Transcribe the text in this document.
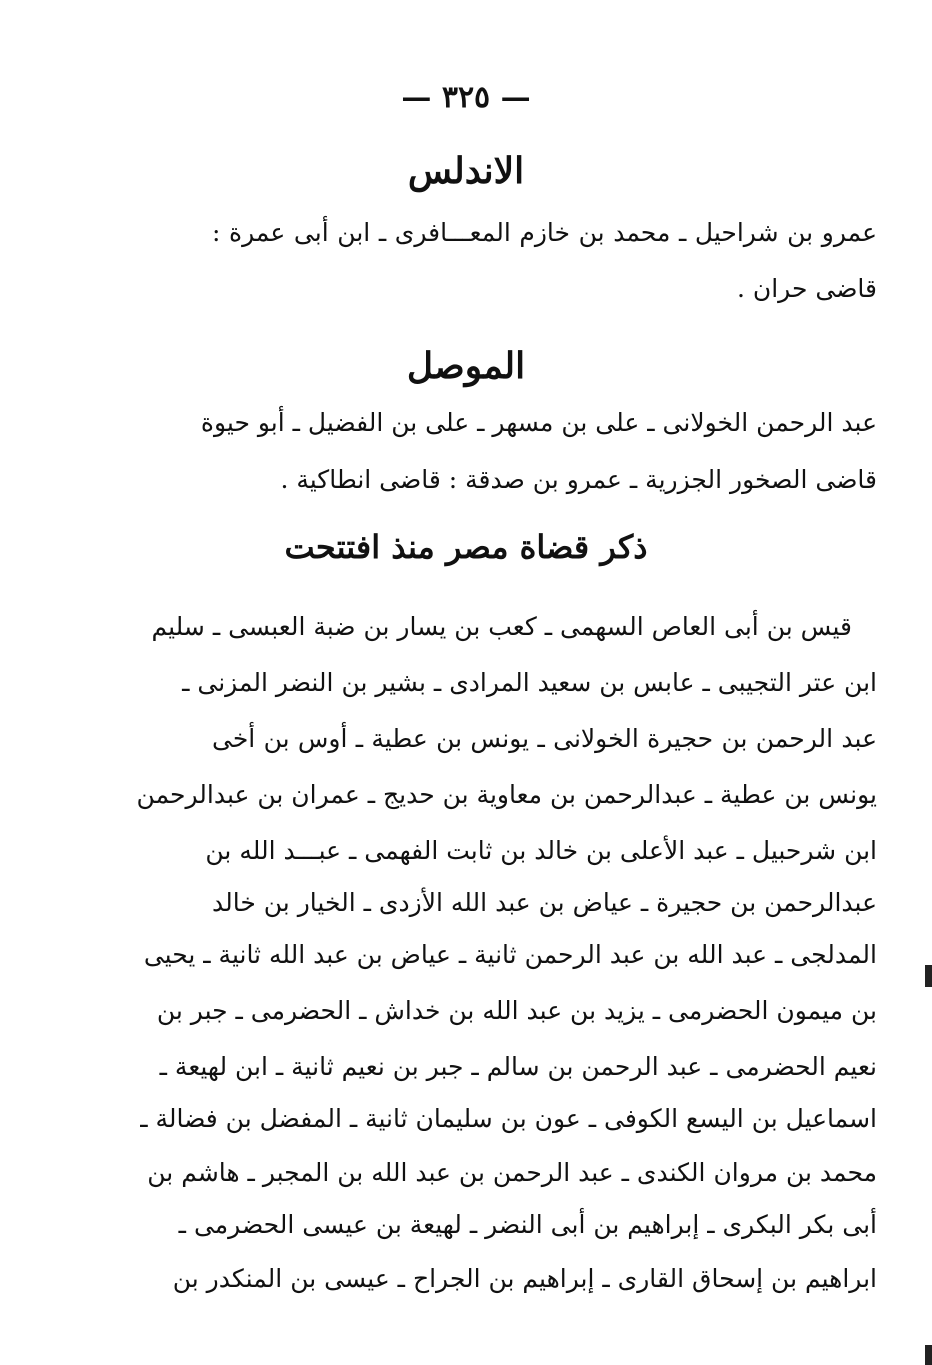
— ٣٢٥ —
الاندلس
عمرو بن شراحيل ـ محمد بن خازم المعـــافرى ـ ابن أبى عمرة :
قاضى حران .
الموصل
عبد الرحمن الخولانى ـ على بن مسهر ـ على بن الفضيل ـ أبو حيوة
قاضى الصخور الجزرية ـ عمرو بن صدقة : قاضى انطاكية .
ذكر قضاة مصر منذ افتتحت
قيس بن أبى العاص السهمى ـ كعب بن يسار بن ضبة العبسى ـ سليم
ابن عتر التجيبى ـ عابس بن سعيد المرادى ـ بشير بن النضر المزنى ـ
عبد الرحمن بن حجيرة الخولانى ـ يونس بن عطية ـ أوس بن أخى
يونس بن عطية ـ عبدالرحمن بن معاوية بن حديج ـ عمران بن عبدالرحمن
ابن شرحبيل ـ عبد الأعلى بن خالد بن ثابت الفهمى ـ عبـــد الله بن
عبدالرحمن بن حجيرة ـ عياض بن عبد الله الأزدى ـ الخيار بن خالد
المدلجى ـ عبد الله بن عبد الرحمن ثانية ـ عياض بن عبد الله ثانية ـ يحيى
بن ميمون الحضرمى ـ يزيد بن عبد الله بن خداش ـ الحضرمى ـ جبر بن
نعيم الحضرمى ـ عبد الرحمن بن سالم ـ جبر بن نعيم ثانية ـ ابن لهيعة ـ
اسماعيل بن اليسع الكوفى ـ عون بن سليمان ثانية ـ المفضل بن فضالة ـ
محمد بن مروان الكندى ـ عبد الرحمن بن عبد الله بن المجبر ـ هاشم بن
أبى بكر البكرى ـ إبراهيم بن أبى النضر ـ لهيعة بن عيسى الحضرمى ـ
ابراهيم بن إسحاق القارى ـ إبراهيم بن الجراح ـ عيسى بن المنكدر بن
